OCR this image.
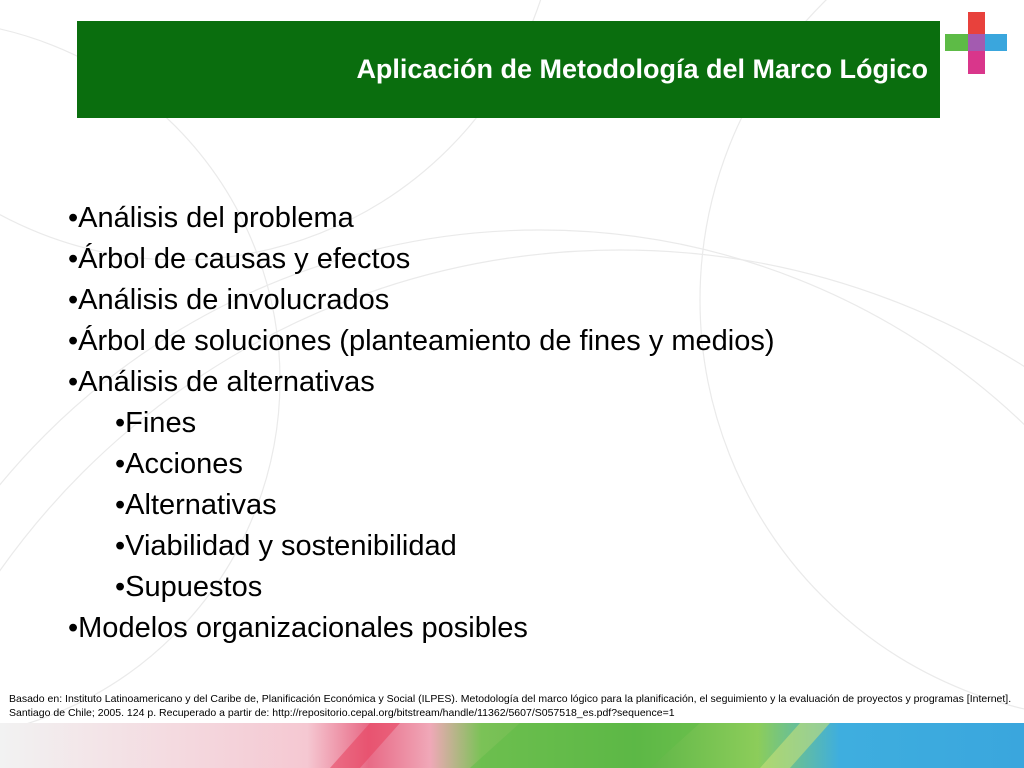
Aplicación de Metodología del Marco Lógico
•Análisis del problema
•Árbol de causas y efectos
•Análisis de involucrados
•Árbol de soluciones (planteamiento de fines y medios)
•Análisis de alternativas
•Fines
•Acciones
•Alternativas
•Viabilidad y sostenibilidad
•Supuestos
•Modelos organizacionales posibles
Basado en: Instituto Latinoamericano y del Caribe de, Planificación Económica y Social (ILPES). Metodología del marco lógico para la planificación, el seguimiento y la evaluación de proyectos y programas [Internet].
Santiago de Chile; 2005. 124 p. Recuperado a partir de: http://repositorio.cepal.org/bitstream/handle/11362/5607/S057518_es.pdf?sequence=1
